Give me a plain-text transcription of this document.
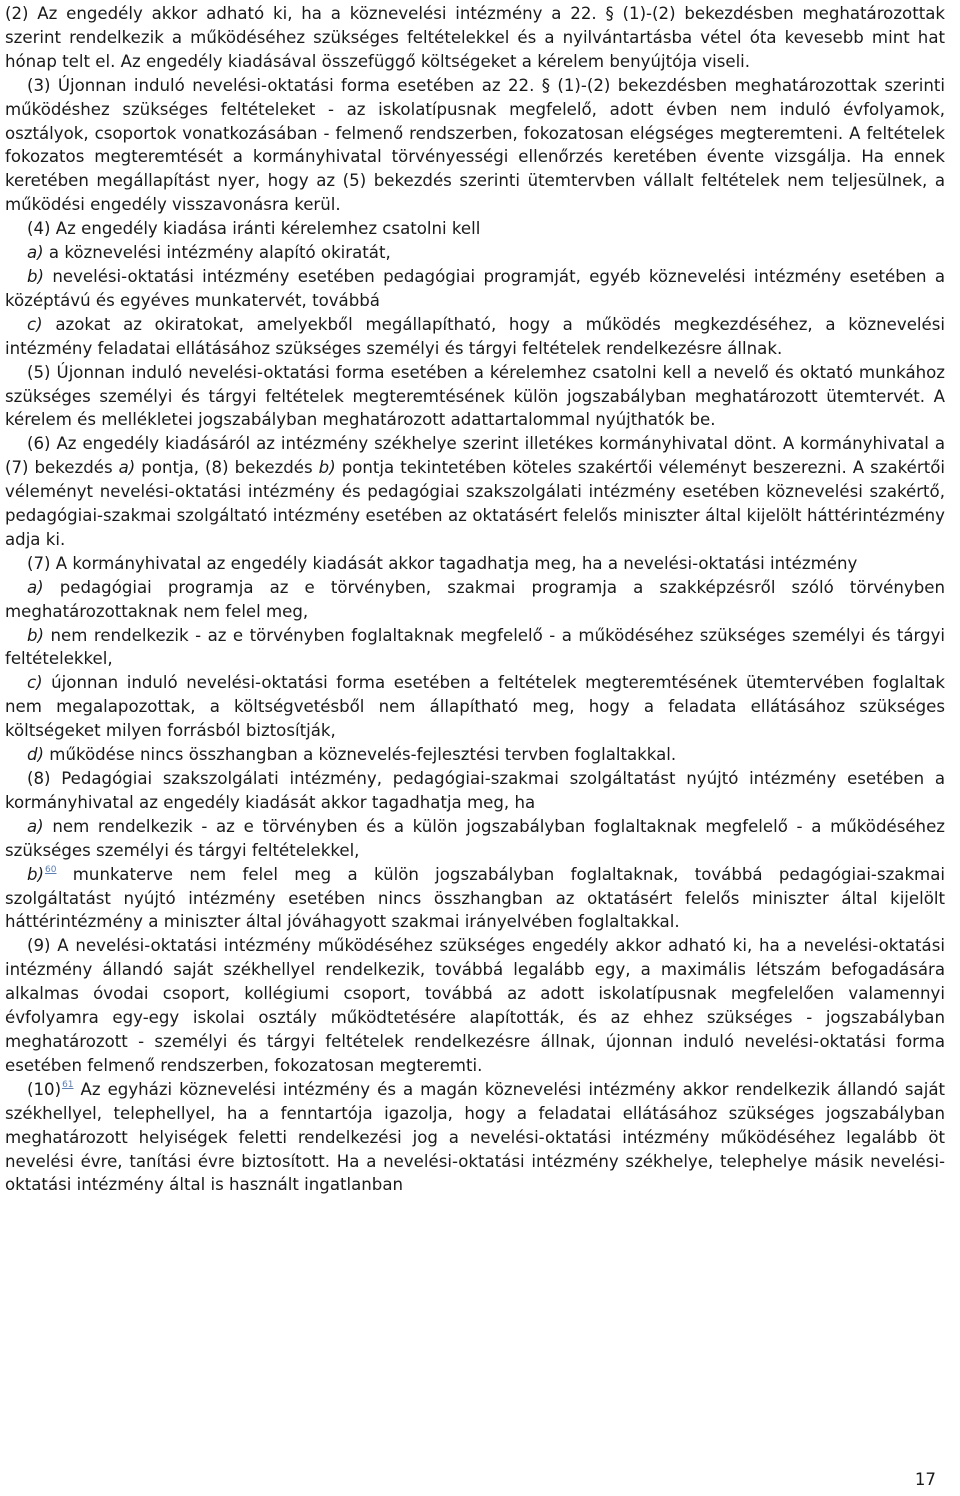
(2) Az engedély akkor adható ki, ha a köznevelési intézmény a 22. § (1)-(2) bekezdésben meghatározottak szerint rendelkezik a működéséhez szükséges feltételekkel és a nyilvántartásba vétel óta kevesebb mint hat hónap telt el. Az engedély kiadásával összefüggő költségeket a kérelem benyújtója viseli.

(3) Újonnan induló nevelési-oktatási forma esetében az 22. § (1)-(2) bekezdésben meghatározottak szerinti működéshez szükséges feltételeket - az iskolatípusnak megfelelő, adott évben nem induló évfolyamok, osztályok, csoportok vonatkozásában - felmenő rendszerben, fokozatosan elégséges megteremteni. A feltételek fokozatos megteremtését a kormányhivatal törvényességi ellenőrzés keretében évente vizsgálja. Ha ennek keretében megállapítást nyer, hogy az (5) bekezdés szerinti ütemtervben vállalt feltételek nem teljesülnek, a működési engedély visszavonásra kerül.

(4) Az engedély kiadása iránti kérelemhez csatolni kell

a) a köznevelési intézmény alapító okiratát,

b) nevelési-oktatási intézmény esetében pedagógiai programját, egyéb köznevelési intézmény esetében a középtávú és egyéves munkatervét, továbbá

c) azokat az okiratokat, amelyekből megállapítható, hogy a működés megkezdéséhez, a köznevelési intézmény feladatai ellátásához szükséges személyi és tárgyi feltételek rendelkezésre állnak.

(5) Újonnan induló nevelési-oktatási forma esetében a kérelemhez csatolni kell a nevelő és oktató munkához szükséges személyi és tárgyi feltételek megteremtésének külön jogszabályban meghatározott ütemtervét. A kérelem és mellékletei jogszabályban meghatározott adattartalommal nyújthatók be.

(6) Az engedély kiadásáról az intézmény székhelye szerint illetékes kormányhivatal dönt. A kormányhivatal a (7) bekezdés a) pontja, (8) bekezdés b) pontja tekintetében köteles szakértői véleményt beszerezni. A szakértői véleményt nevelési-oktatási intézmény és pedagógiai szakszolgálati intézmény esetében köznevelési szakértő, pedagógiai-szakmai szolgáltató intézmény esetében az oktatásért felelős miniszter által kijelölt háttérintézmény adja ki.

(7) A kormányhivatal az engedély kiadását akkor tagadhatja meg, ha a nevelési-oktatási intézmény

a) pedagógiai programja az e törvényben, szakmai programja a szakképzésről szóló törvényben meghatározottaknak nem felel meg,

b) nem rendelkezik - az e törvényben foglaltaknak megfelelő - a működéséhez szükséges személyi és tárgyi feltételekkel,

c) újonnan induló nevelési-oktatási forma esetében a feltételek megteremtésének ütemtervében foglaltak nem megalapozottak, a költségvetésből nem állapítható meg, hogy a feladata ellátásához szükséges költségeket milyen forrásból biztosítják,

d) működése nincs összhangban a köznevelés-fejlesztési tervben foglaltakkal.

(8) Pedagógiai szakszolgálati intézmény, pedagógiai-szakmai szolgáltatást nyújtó intézmény esetében a kormányhivatal az engedély kiadását akkor tagadhatja meg, ha

a) nem rendelkezik - az e törvényben és a külön jogszabályban foglaltaknak megfelelő - a működéséhez szükséges személyi és tárgyi feltételekkel,

b)$^{60}$ munkaterve nem felel meg a külön jogszabályban foglaltaknak, továbbá pedagógiai-szakmai szolgáltatást nyújtó intézmény esetében nincs összhangban az oktatásért felelős miniszter által kijelölt háttérintézmény a miniszter által jóváhagyott szakmai irányelvében foglaltakkal.

(9) A nevelési-oktatási intézmény működéséhez szükséges engedély akkor adható ki, ha a nevelési-oktatási intézmény állandó saját székhellyel rendelkezik, továbbá legalább egy, a maximális létszám befogadására alkalmas óvodai csoport, kollégiumi csoport, továbbá az adott iskolatípusnak megfelelően valamennyi évfolyamra egy-egy iskolai osztály működtetésére alapították, és az ehhez szükséges - jogszabályban meghatározott - személyi és tárgyi feltételek rendelkezésre állnak, újonnan induló nevelési-oktatási forma esetében felmenő rendszerben, fokozatosan megteremti.

(10)$^{61}$ Az egyházi köznevelési intézmény és a magán köznevelési intézmény akkor rendelkezik állandó saját székhellyel, telephellyel, ha a fenntartója igazolja, hogy a feladatai ellátásához szükséges jogszabályban meghatározott helyiségek feletti rendelkezési jog a nevelési-oktatási intézmény működéséhez legalább öt nevelési évre, tanítási évre biztosított. Ha a nevelési-oktatási intézmény székhelye, telephelye másik nevelési-oktatási intézmény által is használt ingatlanban

17
